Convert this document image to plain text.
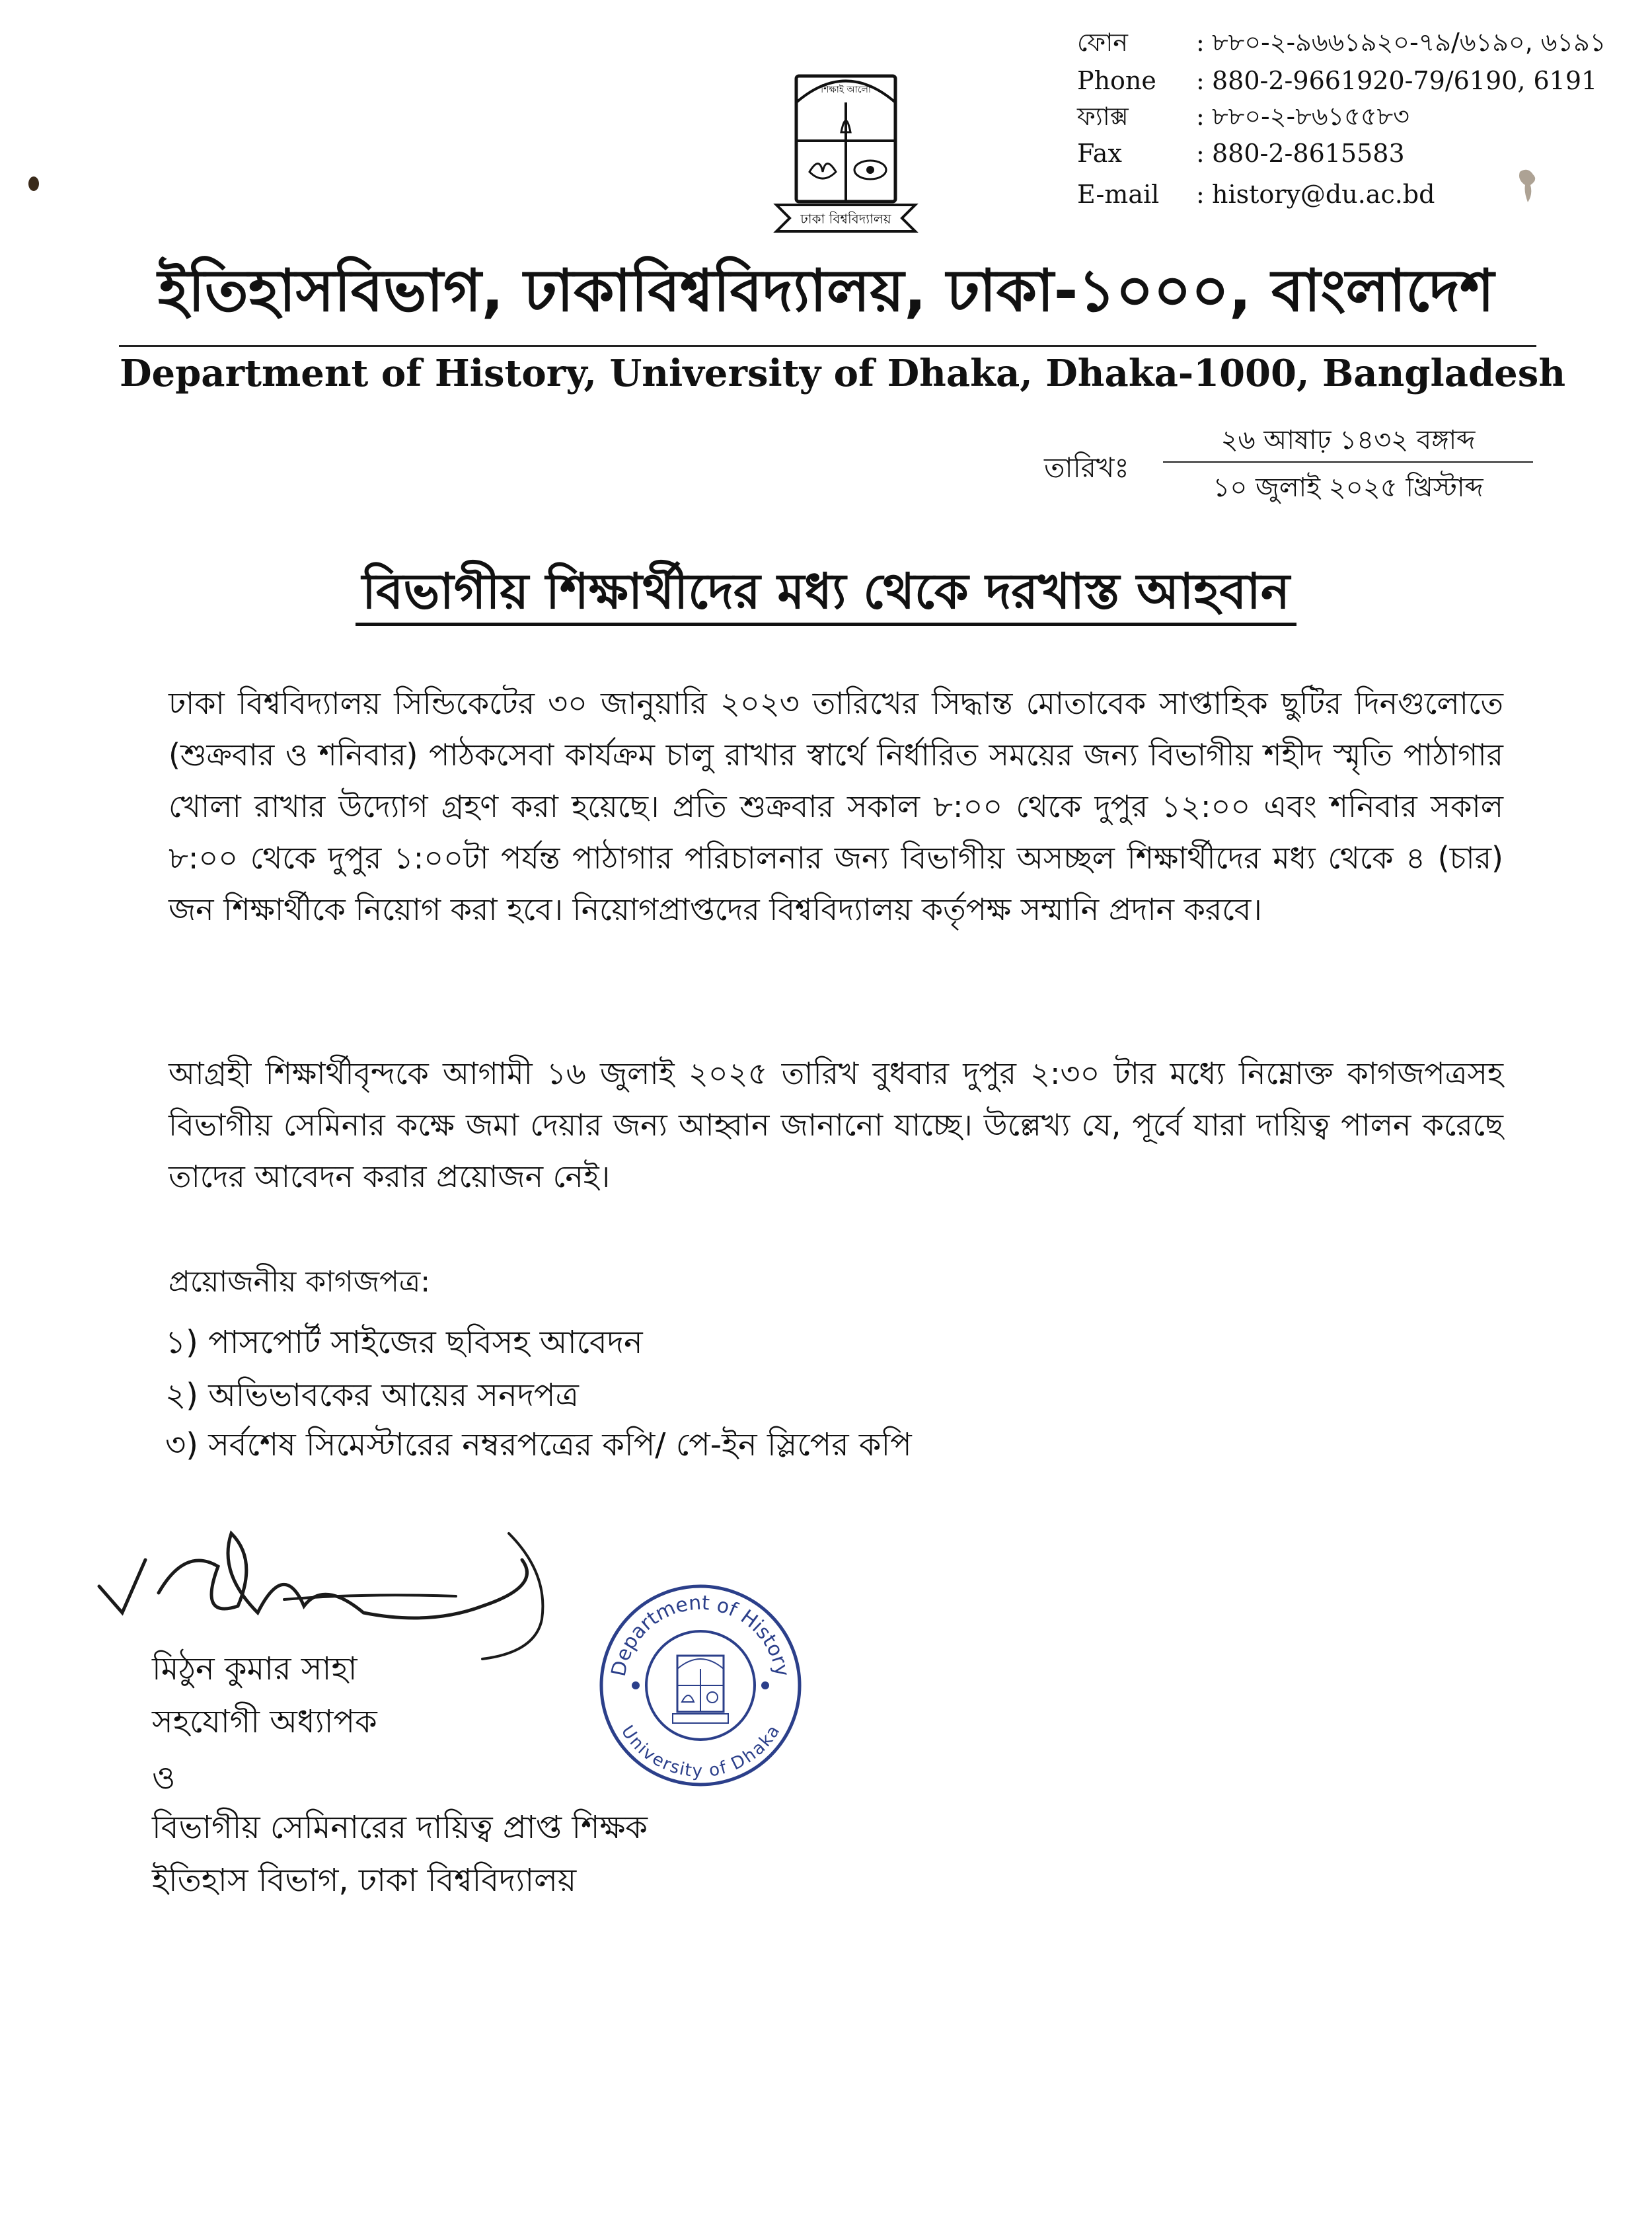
ফোন	: ৮৮০-২-৯৬৬১৯২০-৭৯/৬১৯০, ৬১৯১
Phone : 880-2-9661920-79/6190, 6191
ফ্যাক্স	: ৮৮০-২-৮৬১৫৫৮৩
Fax	: 880-2-8615583
E-mail : history@du.ac.bd
ঢাকা বিশ্ববিদ্যালয়
শিক্ষাই আলো
ইতিহাসবিভাগ, ঢাকাবিশ্ববিদ্যালয়, ঢাকা-১০০০, বাংলাদেশ
Department of History, University of Dhaka, Dhaka-1000, Bangladesh
তারিখঃ
২৬ আষাঢ় ১৪৩২ বঙ্গাব্দ
১০ জুলাই ২০২৫ খ্রিস্টাব্দ
বিভাগীয় শিক্ষার্থীদের মধ্য থেকে দরখাস্ত আহবান
ঢাকা বিশ্ববিদ্যালয় সিন্ডিকেটের ৩০ জানুয়ারি ২০২৩ তারিখের সিদ্ধান্ত মোতাবেক সাপ্তাহিক ছুটির দিনগুলোতে (শুক্রবার ও শনিবার) পাঠকসেবা কার্যক্রম চালু রাখার স্বার্থে নির্ধারিত সময়ের জন্য বিভাগীয় শহীদ স্মৃতি পাঠাগার খোলা রাখার উদ্যোগ গ্রহণ করা হয়েছে। প্রতি শুক্রবার সকাল ৮:০০ থেকে দুপুর ১২:০০ এবং শনিবার সকাল ৮:০০ থেকে দুপুর ১:০০টা পর্যন্ত পাঠাগার পরিচালনার জন্য বিভাগীয় অসচ্ছল শিক্ষার্থীদের মধ্য থেকে ৪ (চার) জন শিক্ষার্থীকে নিয়োগ করা হবে। নিয়োগপ্রাপ্তদের বিশ্ববিদ্যালয় কর্তৃপক্ষ সম্মানি প্রদান করবে।
আগ্রহী শিক্ষার্থীবৃন্দকে আগামী ১৬ জুলাই ২০২৫ তারিখ বুধবার দুপুর ২:৩০ টার মধ্যে নিম্নোক্ত কাগজপত্রসহ বিভাগীয় সেমিনার কক্ষে জমা দেয়ার জন্য আহ্বান জানানো যাচ্ছে। উল্লেখ্য যে, পূর্বে যারা দায়িত্ব পালন করেছে তাদের আবেদন করার প্রয়োজন নেই।
প্রয়োজনীয় কাগজপত্র:
১) পাসপোর্ট সাইজের ছবিসহ আবেদন
২) অভিভাবকের আয়ের সনদপত্র
৩) সর্বশেষ সিমেস্টারের নম্বরপত্রের কপি/ পে-ইন স্লিপের কপি
মিঠুন কুমার সাহা
সহযোগী অধ্যাপক
ও
বিভাগীয় সেমিনারের দায়িত্ব প্রাপ্ত শিক্ষক
ইতিহাস বিভাগ, ঢাকা বিশ্ববিদ্যালয়
Department of History
University of Dhaka
